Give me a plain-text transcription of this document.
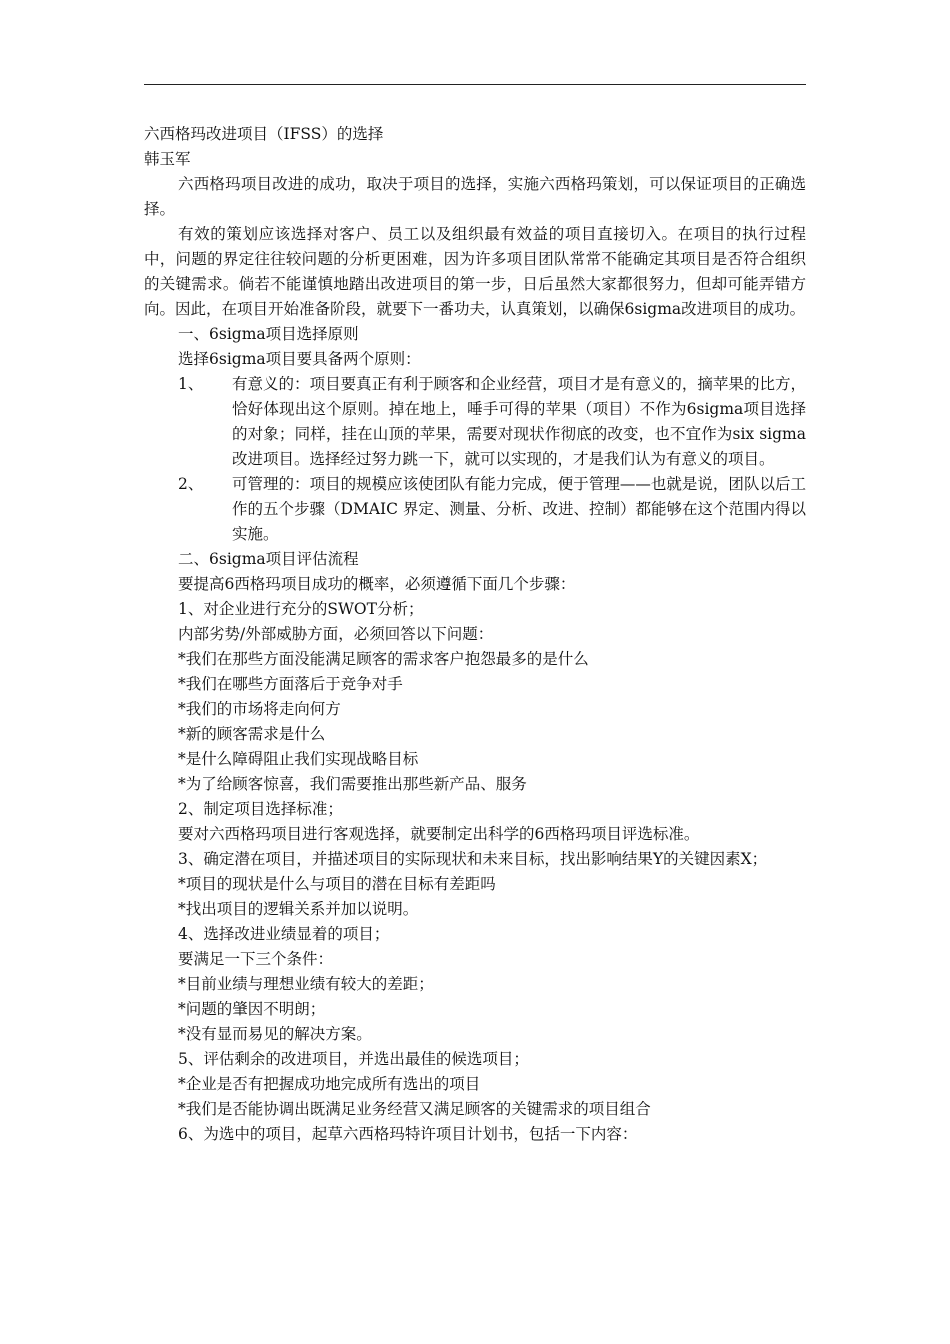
六西格玛改进项目（IFSS）的选择
韩玉军
六西格玛项目改进的成功，取决于项目的选择，实施六西格玛策划，可以保证项目的正确选择。
有效的策划应该选择对客户、员工以及组织最有效益的项目直接切入。在项目的执行过程中，问题的界定往往较问题的分析更困难，因为许多项目团队常常不能确定其项目是否符合组织的关键需求。倘若不能谨慎地踏出改进项目的第一步，日后虽然大家都很努力，但却可能弄错方向。因此，在项目开始准备阶段，就要下一番功夫，认真策划，以确保6sigma改进项目的成功。
一、6sigma项目选择原则
选择6sigma项目要具备两个原则：
1、 有意义的：项目要真正有利于顾客和企业经营，项目才是有意义的，摘苹果的比方，恰好体现出这个原则。掉在地上，唾手可得的苹果（项目）不作为6sigma项目选择的对象；同样，挂在山顶的苹果，需要对现状作彻底的改变，也不宜作为six sigma改进项目。选择经过努力跳一下，就可以实现的，才是我们认为有意义的项目。
2、 可管理的：项目的规模应该使团队有能力完成，便于管理——也就是说，团队以后工作的五个步骤（DMAIC 界定、测量、分析、改进、控制）都能够在这个范围内得以实施。
二、6sigma项目评估流程
要提高6西格玛项目成功的概率，必须遵循下面几个步骤：
1、对企业进行充分的SWOT分析；
内部劣势/外部威胁方面，必须回答以下问题：
*我们在那些方面没能满足顾客的需求客户抱怨最多的是什么
*我们在哪些方面落后于竞争对手
*我们的市场将走向何方
*新的顾客需求是什么
*是什么障碍阻止我们实现战略目标
*为了给顾客惊喜，我们需要推出那些新产品、服务
2、制定项目选择标准；
要对六西格玛项目进行客观选择，就要制定出科学的6西格玛项目评选标准。
3、确定潜在项目，并描述项目的实际现状和未来目标，找出影响结果Y的关键因素X；
*项目的现状是什么与项目的潜在目标有差距吗
*找出项目的逻辑关系并加以说明。
4、选择改进业绩显着的项目；
要满足一下三个条件：
*目前业绩与理想业绩有较大的差距；
*问题的肇因不明朗；
*没有显而易见的解决方案。
5、评估剩余的改进项目，并选出最佳的候选项目；
*企业是否有把握成功地完成所有选出的项目
*我们是否能协调出既满足业务经营又满足顾客的关键需求的项目组合
6、为选中的项目，起草六西格玛特许项目计划书，包括一下内容：
